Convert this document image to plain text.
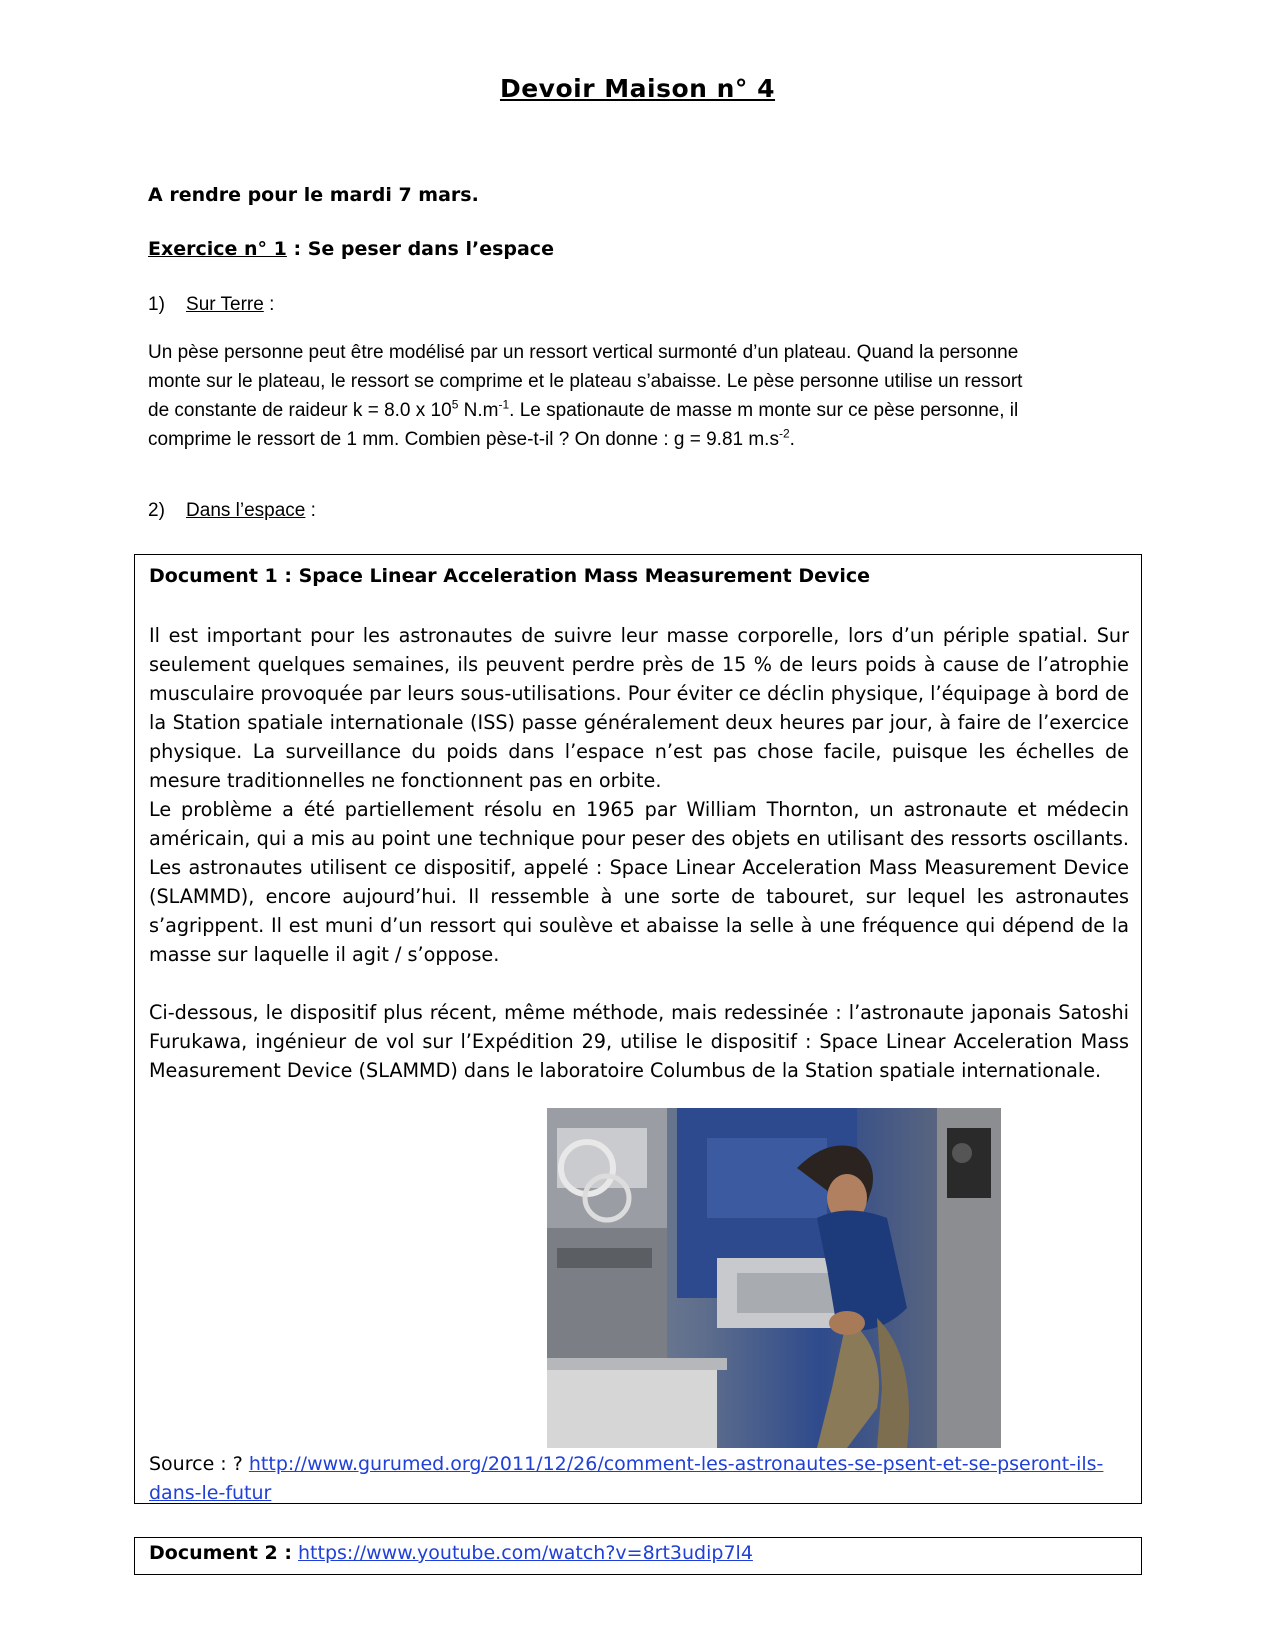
Devoir Maison n° 4
A rendre pour le mardi 7 mars.
Exercice n° 1 : Se peser dans l’espace
1) Sur Terre :

Un pèse personne peut être modélisé par un ressort vertical surmonté d’un plateau. Quand la personne

monte sur le plateau, le ressort se comprime et le plateau s’abaisse. Le pèse personne utilise un ressort

de constante de raideur k = 8.0 x $10^5$ $N.m^{-1}$. Le spationaute de masse m monte sur ce pèse personne, il

comprime le ressort de 1 mm. Combien pèse-t-il ? On donne : g = 9.81 $m.s^{-2}$.

2) Dans l’espace :
Document 1 : Space Linear Acceleration Mass Measurement Device

Il est important pour les astronautes de suivre leur masse corporelle, lors d’un périple spatial. Sur seulement quelques semaines, ils peuvent perdre près de 15 % de leurs poids à cause de l’atrophie musculaire provoquée par leurs sous-utilisations. Pour éviter ce déclin physique, l’équipage à bord de la Station spatiale internationale (ISS) passe généralement deux heures par jour, à faire de l’exercice physique. La surveillance du poids dans l’espace n’est pas chose facile, puisque les échelles de mesure traditionnelles ne fonctionnent pas en orbite.

Le problème a été partiellement résolu en 1965 par William Thornton, un astronaute et médecin américain, qui a mis au point une technique pour peser des objets en utilisant des ressorts oscillants. Les astronautes utilisent ce dispositif, appelé : Space Linear Acceleration Mass Measurement Device (SLAMMD), encore aujourd’hui. Il ressemble à une sorte de tabouret, sur lequel les astronautes s’agrippent. Il est muni d’un ressort qui soulève et abaisse la selle à une fréquence qui dépend de la masse sur laquelle il agit / s’oppose.

Ci-dessous, le dispositif plus récent, même méthode, mais redessinée : l’astronaute japonais Satoshi Furukawa, ingénieur de vol sur l’Expédition 29, utilise le dispositif : Space Linear Acceleration Mass Measurement Device (SLAMMD) dans le laboratoire Columbus de la Station spatiale internationale.

Source : ? http://www.gurumed.org/2011/12/26/comment-les-astronautes-se-psent-et-se-pseront-ils-dans-le-futur
Document 2 : https://www.youtube.com/watch?v=8rt3udip7l4
